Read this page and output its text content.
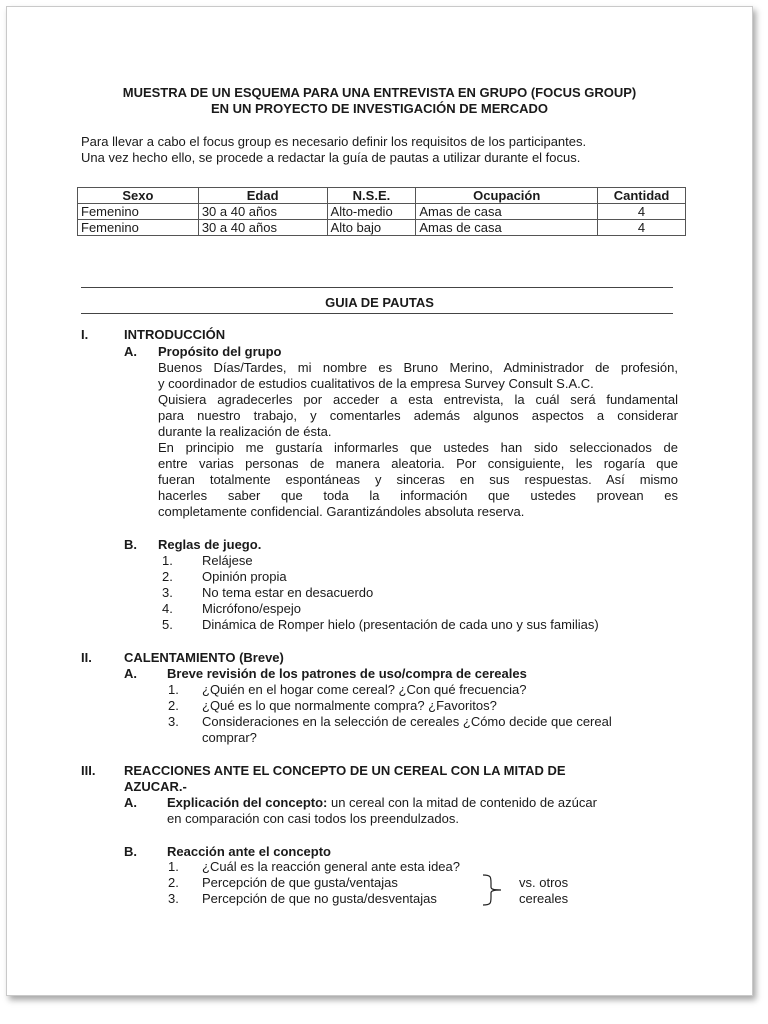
MUESTRA DE UN ESQUEMA PARA UNA ENTREVISTA EN GRUPO (FOCUS GROUP)
EN UN PROYECTO DE INVESTIGACIÓN DE MERCADO
Para llevar a cabo el focus group es necesario definir los requisitos de los participantes.
Una vez hecho ello, se procede a redactar la guía de pautas a utilizar durante el focus.
Sexo	Edad	N.S.E.	Ocupación	Cantidad
Femenino	30 a 40 años	Alto-medio	Amas de casa	4
Femenino	30 a 40 años	Alto bajo	Amas de casa	4
GUIA DE PAUTAS
I.	INTRODUCCIÓN
A. Propósito del grupo
Buenos Días/Tardes, mi nombre es Bruno Merino, Administrador de profesión,
y coordinador de estudios cualitativos de la empresa Survey Consult S.A.C.
Quisiera agradecerles por acceder a esta entrevista, la cuál será fundamental
para nuestro trabajo, y comentarles además algunos aspectos a considerar
durante la realización de ésta.
En principio me gustaría informarles que ustedes han sido seleccionados de
entre varias personas de manera aleatoria. Por consiguiente, les rogaría que
fueran totalmente espontáneas y sinceras en sus respuestas. Así mismo
hacerles saber que toda la información que ustedes provean es
completamente confidencial. Garantizándoles absoluta reserva.
B. Reglas de juego.
1. Relájese
2. Opinión propia
3. No tema estar en desacuerdo
4. Micrófono/espejo
5. Dinámica de Romper hielo (presentación de cada uno y sus familias)
II. CALENTAMIENTO (Breve)
A. Breve revisión de los patrones de uso/compra de cereales
1. ¿Quién en el hogar come cereal? ¿Con qué frecuencia?
2. ¿Qué es lo que normalmente compra? ¿Favoritos?
3. Consideraciones en la selección de cereales ¿Cómo decide que cereal
comprar?
III. REACCIONES ANTE EL CONCEPTO DE UN CEREAL CON LA MITAD DE
AZUCAR.-
A. Explicación del concepto: un cereal con la mitad de contenido de azúcar
en comparación con casi todos los preendulzados.
B. Reacción ante el concepto
1. ¿Cuál es la reacción general ante esta idea?
2. Percepción de que gusta/ventajas
3. Percepción de que no gusta/desventajas
vs. otros
cereales
